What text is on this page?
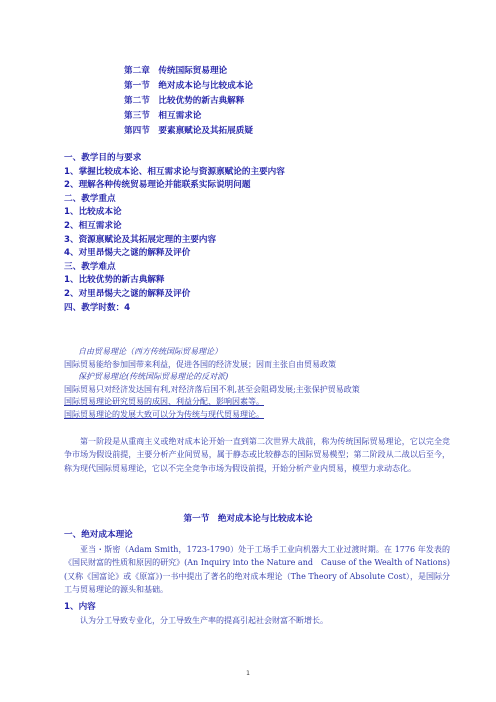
第二章　传统国际贸易理论
第一节　绝对成本论与比较成本论
第二节　比较优势的新古典解释
第三节　相互需求论
第四节　要素禀赋论及其拓展质疑
一、教学目的与要求
1、掌握比较成本论、相互需求论与资源禀赋论的主要内容
2、理解各种传统贸易理论并能联系实际说明问题
二、教学重点
1、比较成本论
2、相互需求论
3、资源禀赋论及其拓展定理的主要内容
4、对里昂惕夫之谜的解释及评价
三、教学难点
1、比较优势的新古典解释
2、对里昂惕夫之谜的解释及评价
四、教学时数：4
自由贸易理论（西方传统国际贸易理论）
国际贸易能给参加国带来利益，促进各国的经济发展；因而主张自由贸易政策
保护贸易理论(传统国际贸易理论的反对派)
国际贸易只对经济发达国有利,对经济落后国不利,甚至会阻碍发展;主张保护贸易政策
国际贸易理论研究贸易的成因、利益分配、影响因素等。
国际贸易理论的发展大致可以分为传统与现代贸易理论。
第一阶段是从重商主义或绝对成本论开始一直到第二次世界大战前，称为传统国际贸易理论，它以完全竞争市场为假设前提，主要分析产业间贸易，属于静态或比较静态的国际贸易模型；第二阶段从二战以后至今，称为现代国际贸易理论，它以不完全竞争市场为假设前提，开始分析产业内贸易，模型力求动态化。
第一节　绝对成本论与比较成本论
一、绝对成本理论
亚当・斯密（Adam Smith，1723-1790）处于工场手工业向机器大工业过渡时期。在 1776 年发表的《国民财富的性质和原因的研究》(An Inquiry into the Nature and　Cause of the Wealth of Nations)(又称《国富论》或《原富》)一书中提出了著名的绝对成本理论（The Theory of Absolute Cost），是国际分工与贸易理论的源头和基础。
1、内容
认为分工导致专业化，分工导致生产率的提高引起社会财富不断增长。
1
